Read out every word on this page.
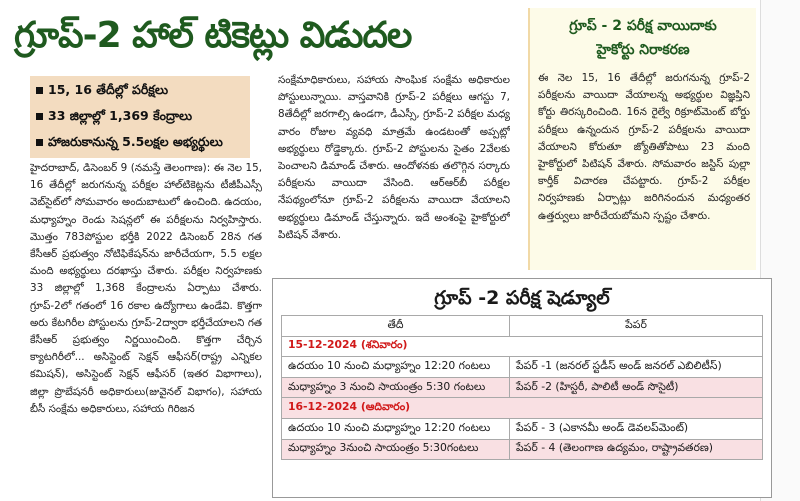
గ్రూప్‌-2 హాల్‌ టికెట్లు విడుదల
15, 16 తేదీల్లో పరీక్షలు
33 జిల్లాల్లో 1,369 కేంద్రాలు
హాజరుకానున్న 5.5లక్షల అభ్యర్థులు

హైదరాబాద్‌, డిసెంబర్‌ 9 (నమస్తే తెలంగాణ): ఈ నెల 15, 16 తేదీల్లో జరుగనున్న పరీక్షల హాల్‌టికెట్లను టీజీపీఎస్సీ వెబ్‌సైట్‌లో సోమవారం అందుబాటులో ఉంచింది. ఉదయం, మధ్యాహ్నం రెండు సెషన్లలో ఈ పరీక్షలను నిర్వహిస్తారు. మొత్తం 783పోస్టుల భర్తీకి 2022 డిసెంబర్‌ 28న గత కేసీఆర్‌ ప్రభుత్వం నోటిఫికేషన్‌ను జారీచేయగా, 5.5 లక్షల మంది అభ్యర్థులు దరఖాస్తు చేశారు. పరీక్షల నిర్వహణకు 33 జిల్లాల్లో 1,368 కేంద్రాలను ఏర్పాటు చేశారు. గ్రూప్‌-2లో గతంలో 16 రకాల ఉద్యోగాలు ఉండేవి. కొత్తగా అరు కేటగిరీల పోస్టులను గ్రూప్‌-2ద్వారా భర్తీచేయాలని గత కేసీఆర్‌ ప్రభుత్వం నిర్ణయించింది. కొత్తగా చేర్చిన క్యాటగిరీలో... అసిస్టెంట్‌ సెక్షన్‌ ఆఫీసర్‌(రాష్ట్ర ఎన్నికల కమిషన్‌), అసిస్టెంట్‌ సెక్షన్‌ ఆఫీసర్‌ (ఇతర విభాగాలు), జిల్లా ప్రొబేషనరీ అధికారులు(జువైనల్‌ విభాగం), సహాయ బీసీ సంక్షేమ అధికారులు, సహాయ గిరిజన

సంక్షేమాధికారులు, సహాయ సాంఘిక సంక్షేమ అధికారుల పోస్టులున్నాయి. వాస్తవానికి గ్రూప్‌-2 పరీక్షలు ఆగస్టు 7, 8తేదీల్లో జరగాల్సి ఉండగా, డీఎస్సీ, గ్రూప్‌-2 పరీక్షల మధ్య వారం రోజుల వ్యవధి మాత్రమే ఉండటంతో అప్పట్లో అభ్యర్థులు రోడ్డెక్కారు. గ్రూప్‌-2 పోస్టులను సైతం 2వేలకు పెంచాలని డిమాండ్‌ చేశారు. ఆందోళనకు తలొగ్గిన సర్కారు పరీక్షలను వాయిదా వేసింది. ఆర్‌ఆర్‌బీ పరీక్షల నేపథ్యంలోనూ గ్రూప్‌-2 పరీక్షలను వాయిదా వేయాలని అభ్యర్థులు డిమాండ్‌ చేస్తున్నారు. ఇదే అంశంపై హైకోర్టులో పిటిషన్‌ వేశారు.

గ్రూప్‌ - 2 పరీక్ష వాయిదాకు
హైకోర్టు నిరాకరణ
ఈ నెల 15, 16 తేదీల్లో జరుగనున్న గ్రూప్‌-2 పరీక్షలను వాయిదా వేయాలన్న అభ్యర్థుల విజ్ఞప్తిని కోర్టు తిరస్కరించింది. 16న రైల్వే రిక్రూట్‌మెంట్‌ బోర్డు పరీక్షలు ఉన్నందున గ్రూప్‌-2 పరీక్షలను వాయిదా వేయాలని కోరుతూ జ్యోతితోపాటు 23 మంది హైకోర్టులో పిటిషన్‌ వేశారు. సోమవారం జస్టిస్‌ పుల్లా కార్తీక్‌ విచారణ చేపట్టారు. గ్రూప్‌-2 పరీక్షల నిర్వహణకు ఏర్పాట్లు జరిగినందున మధ్యంతర ఉత్తర్వులు జారీచేయబోమని స్పష్టం చేశారు.
గ్రూప్‌ -2 పరీక్ష షెడ్యూల్‌
తేదీ	పేపర్‌
15-12-2024 (శనివారం)	
ఉదయం 10 నుంచి మధ్యాహ్నం 12:20 గంటలు	పేపర్‌ -1 (జనరల్‌ స్టడీస్‌ అండ్‌ జనరల్‌ ఎబిలిటీస్‌)
మధ్యాహ్నం 3 నుంచి సాయంత్రం 5:30 గంటలు	పేపర్‌ -2 (హిస్టరీ, పాలిటీ అండ్‌ సొసైటీ)
16-12-2024 (ఆదివారం)	
ఉదయం 10 నుంచి మధ్యాహ్నం 12:20 గంటలు	పేపర్‌ - 3 (ఎకానమీ అండ్‌ డెవలప్‌మెంట్‌)
మధ్యాహ్నం 3నుంచి సాయంత్రం 5:30గంటలు	పేపర్‌ - 4 (తెలంగాణ ఉద్యమం, రాష్ట్రావతరణ)
